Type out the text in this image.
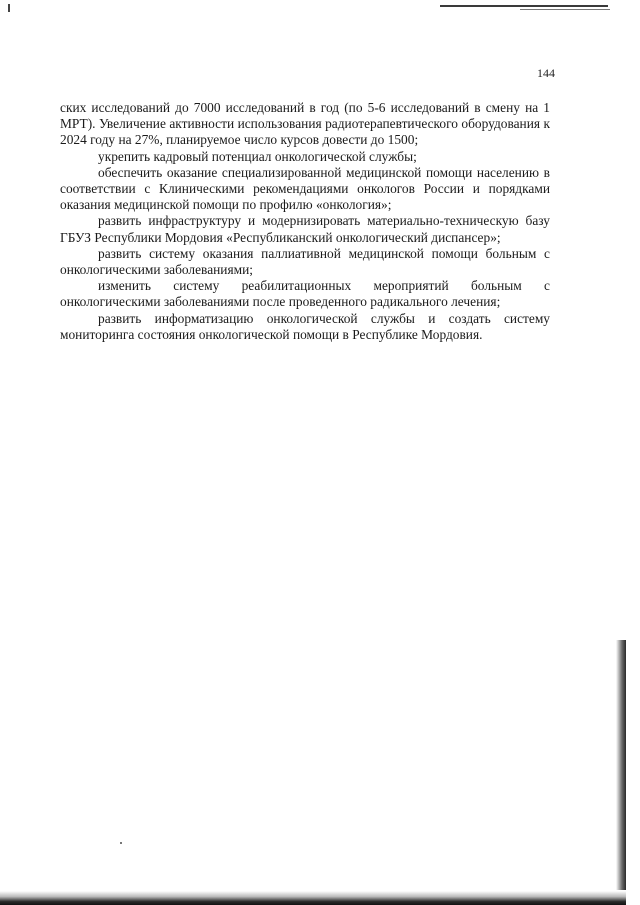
144

ских исследований до 7000 исследований в год (по 5-6 исследований в смену на 1 МРТ). Увеличение активности использования радиотерапевтического оборудования к 2024 году на 27%, планируемое число курсов довести до 1500;

укрепить кадровый потенциал онкологической службы;

обеспечить оказание специализированной медицинской помощи населению в соответствии с Клиническими рекомендациями онкологов России и порядками оказания медицинской помощи по профилю «онкология»;

развить инфраструктуру и модернизировать материально-техническую базу ГБУЗ Республики Мордовия «Республиканский онкологический диспансер»;

развить систему оказания паллиативной медицинской помощи больным с онкологическими заболеваниями;

изменить систему реабилитационных мероприятий больным с онкологическими заболеваниями после проведенного радикального лечения;

развить информатизацию онкологической службы и создать систему мониторинга состояния онкологической помощи в Республике Мордовия.
